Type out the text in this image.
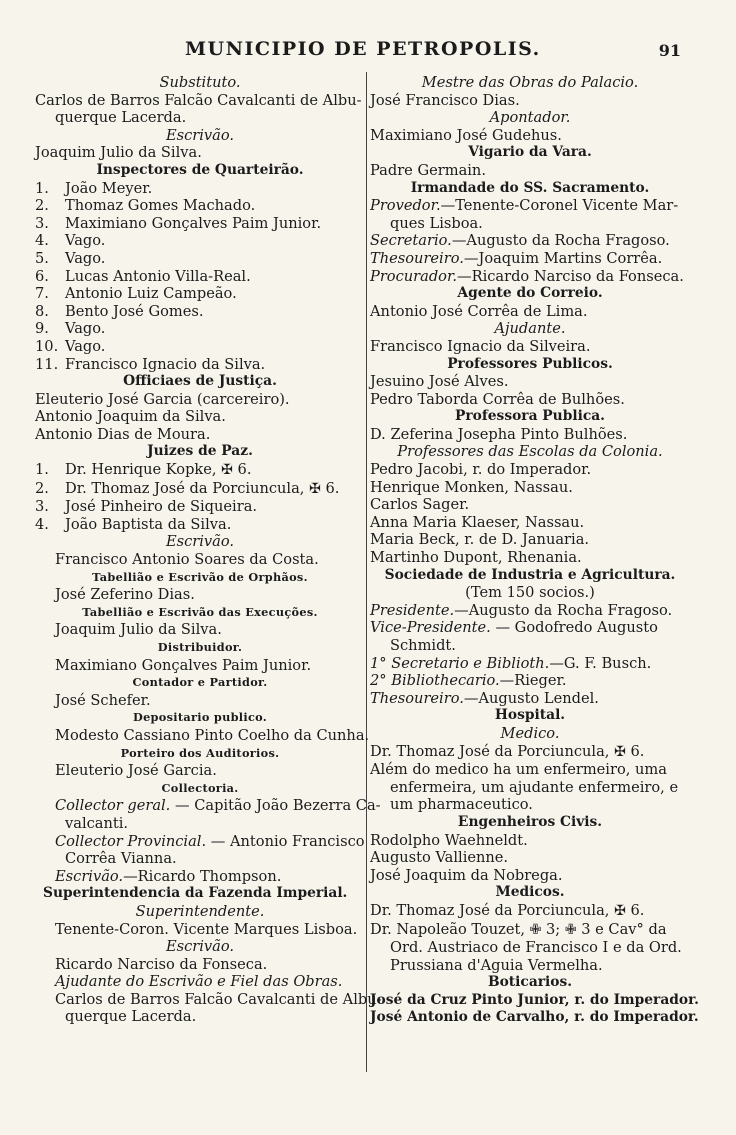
MUNICIPIO DE PETROPOLIS.	91
Substituto.
Carlos de Barros Falcão Cavalcanti de Albu-
querque Lacerda.
Escrivão.
Joaquim Julio da Silva.
Inspectores de Quarteirão.
1. João Meyer.
2. Thomaz Gomes Machado.
3. Maximiano Gonçalves Paim Junior.
4. Vago.
5. Vago.
6. Lucas Antonio Villa-Real.
7. Antonio Luiz Campeão.
8. Bento José Gomes.
9. Vago.
10. Vago.
11. Francisco Ignacio da Silva.
Officiaes de Justiça.
Eleuterio José Garcia (carcereiro).
Antonio Joaquim da Silva.
Antonio Dias de Moura.
Juizes de Paz.
1. Dr. Henrique Kopke, ✠ 6.
2. Dr. Thomaz José da Porciuncula, ✠ 6.
3. José Pinheiro de Siqueira.
4. João Baptista da Silva.
Escrivão.
Francisco Antonio Soares da Costa.
Tabellião e Escrivão de Orphãos.
José Zeferino Dias.
Tabellião e Escrivão das Execuções.
Joaquim Julio da Silva.
Distribuidor.
Maximiano Gonçalves Paim Junior.
Contador e Partidor.
José Schefer.
Depositario publico.
Modesto Cassiano Pinto Coelho da Cunha.
Porteiro dos Auditorios.
Eleuterio José Garcia.
Collectoria.
Collector geral. — Capitão João Bezerra Ca-
valcanti.
Collector Provincial. — Antonio Francisco
Corrêa Vianna.
Escrivão.—Ricardo Thompson.
Superintendencia da Fazenda Imperial.
Superintendente.
Tenente-Coron. Vicente Marques Lisboa.
Escrivão.
Ricardo Narciso da Fonseca.
Ajudante do Escrivão e Fiel das Obras.
Carlos de Barros Falcão Cavalcanti de Albu-
querque Lacerda.
Mestre das Obras do Palacio.
José Francisco Dias.
Apontador.
Maximiano José Gudehus.
Vigario da Vara.
Padre Germain.
Irmandade do SS. Sacramento.
Provedor.—Tenente-Coronel Vicente Mar-
ques Lisboa.
Secretario.—Augusto da Rocha Fragoso.
Thesoureiro.—Joaquim Martins Corrêa.
Procurador.—Ricardo Narciso da Fonseca.
Agente do Correio.
Antonio José Corrêa de Lima.
Ajudante.
Francisco Ignacio da Silveira.
Professores Publicos.
Jesuino José Alves.
Pedro Taborda Corrêa de Bulhões.
Professora Publica.
D. Zeferina Josepha Pinto Bulhões.
Professores das Escolas da Colonia.
Pedro Jacobi, r. do Imperador.
Henrique Monken, Nassau.
Carlos Sager.
Anna Maria Klaeser, Nassau.
Maria Beck, r. de D. Januaria.
Martinho Dupont, Rhenania.
Sociedade de Industria e Agricultura.
(Tem 150 socios.)
Presidente.—Augusto da Rocha Fragoso.
Vice-Presidente. — Godofredo Augusto
Schmidt.
1° Secretario e Biblioth.—G. F. Busch.
2° Bibliothecario.—Rieger.
Thesoureiro.—Augusto Lendel.
Hospital.
Medico.
Dr. Thomaz José da Porciuncula, ✠ 6.
Além do medico ha um enfermeiro, uma
enfermeira, um ajudante enfermeiro, e
um pharmaceutico.
Engenheiros Civis.
Rodolpho Waehneldt.
Augusto Vallienne.
José Joaquim da Nobrega.
Medicos.
Dr. Thomaz José da Porciuncula, ✠ 6.
Dr. Napoleão Touzet, ✙ 3; ✙ 3 e Cav° da
Ord. Austriaco de Francisco I e da Ord.
Prussiana d'Aguia Vermelha.
Boticarios.
José da Cruz Pinto Junior, r. do Imperador.
José Antonio de Carvalho, r. do Imperador.
